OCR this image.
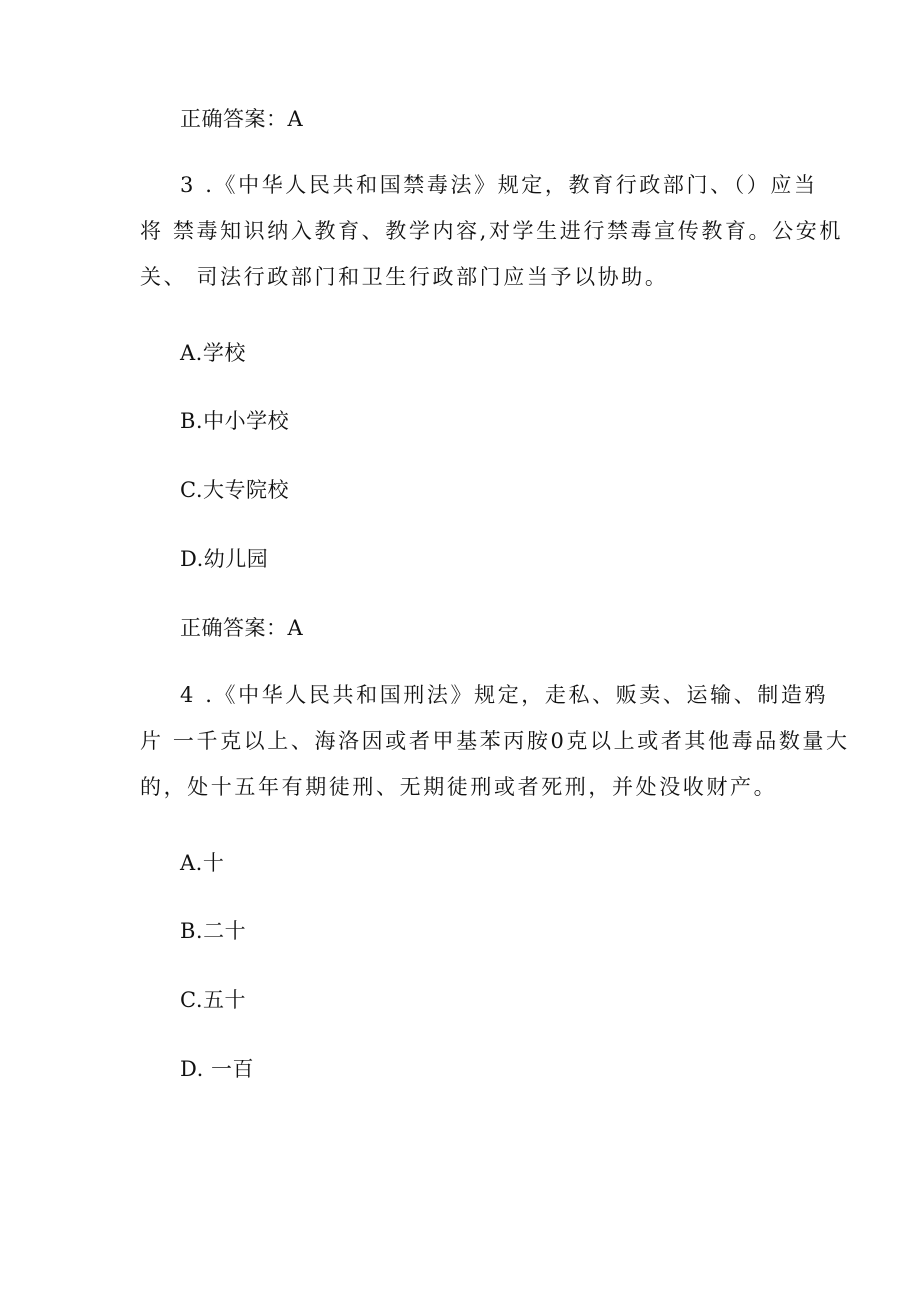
正确答案：A
3 .《中华人民共和国禁毒法》规定，教育行政部门、（）应当
将 禁毒知识纳入教育、教学内容,对学生进行禁毒宣传教育。公安机
关、 司法行政部门和卫生行政部门应当予以协助。
A.学校
B.中小学校
C.大专院校
D.幼儿园
正确答案：A
4 .《中华人民共和国刑法》规定，走私、贩卖、运输、制造鸦
片 一千克以上、海洛因或者甲基苯丙胺0克以上或者其他毒品数量大
的，处十五年有期徒刑、无期徒刑或者死刑，并处没收财产。
A.十
B.二十
C.五十
D. 一百
